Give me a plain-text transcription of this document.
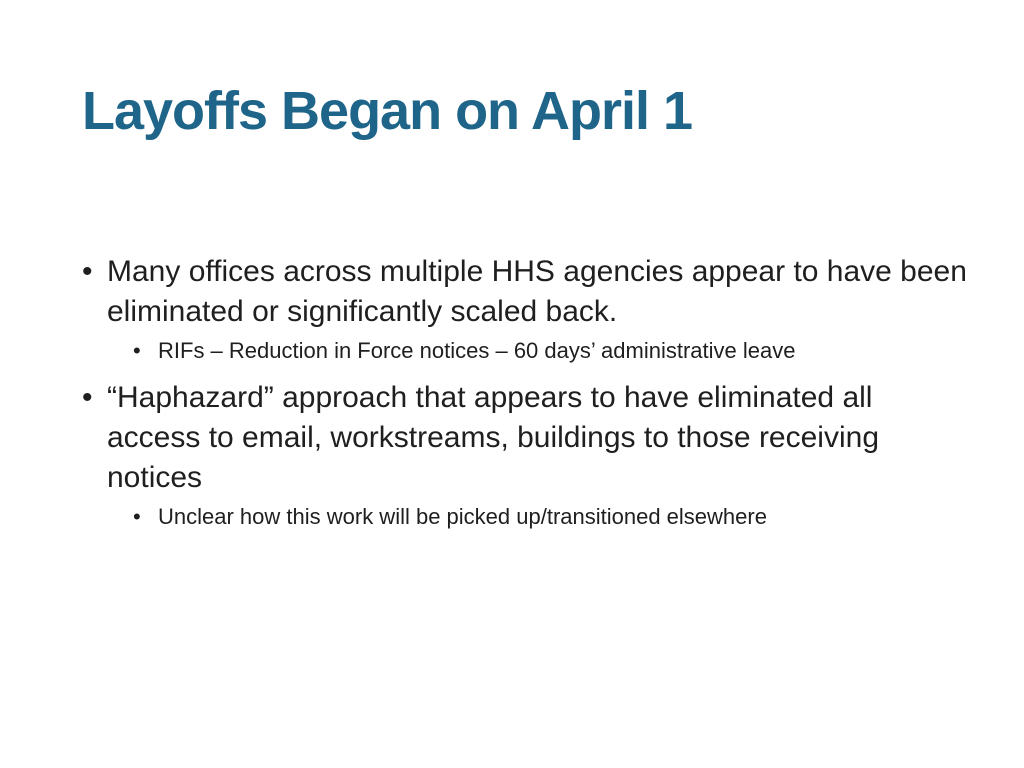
Layoffs Began on April 1
• Many offices across multiple HHS agencies appear to have been eliminated or significantly scaled back.
• RIFs – Reduction in Force notices – 60 days’ administrative leave
• “Haphazard” approach that appears to have eliminated all access to email, workstreams, buildings to those receiving notices
• Unclear how this work will be picked up/transitioned elsewhere
